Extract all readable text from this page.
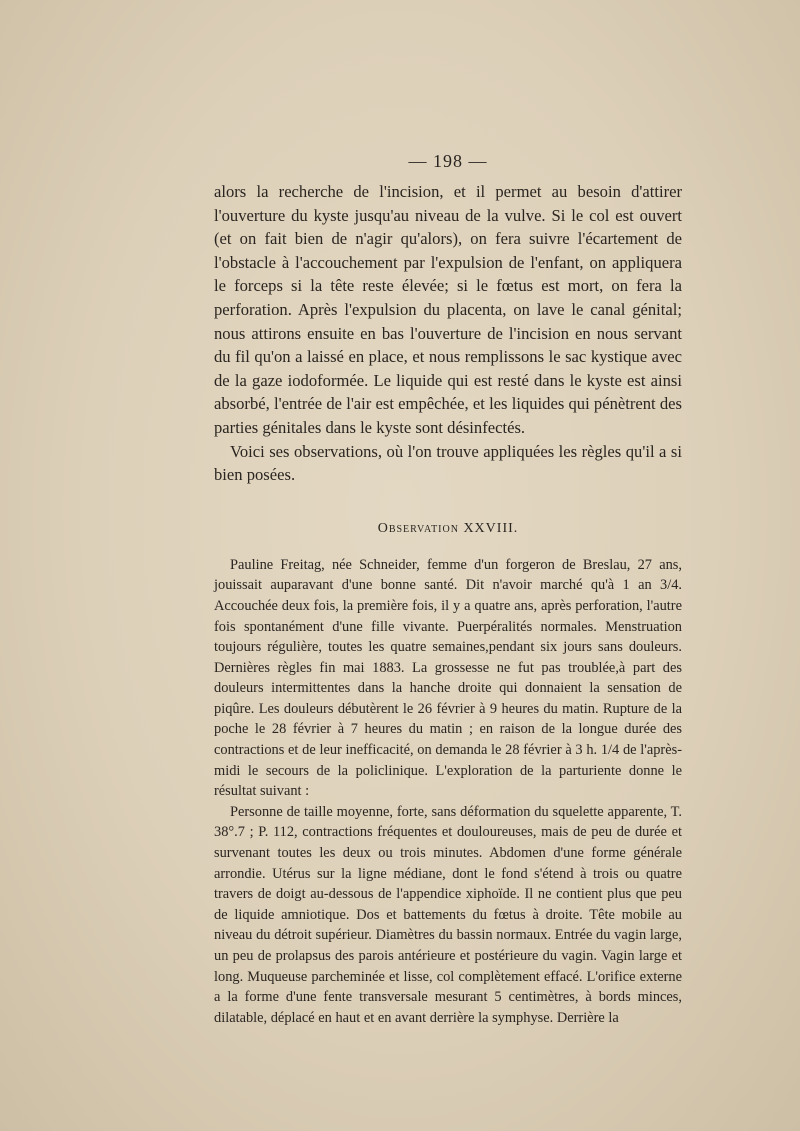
— 198 —

alors la recherche de l'incision, et il permet au besoin d'attirer l'ouverture du kyste jusqu'au niveau de la vulve. Si le col est ouvert (et on fait bien de n'agir qu'alors), on fera suivre l'écartement de l'obstacle à l'accouchement par l'expulsion de l'enfant, on appliquera le forceps si la tête reste élevée; si le fœtus est mort, on fera la perforation. Après l'expulsion du placenta, on lave le canal génital; nous attirons ensuite en bas l'ouverture de l'incision en nous servant du fil qu'on a laissé en place, et nous remplissons le sac kystique avec de la gaze iodoformée. Le liquide qui est resté dans le kyste est ainsi absorbé, l'entrée de l'air est empêchée, et les liquides qui pénètrent des parties génitales dans le kyste sont désinfectés.

Voici ses observations, où l'on trouve appliquées les règles qu'il a si bien posées.

Observation XXVIII.

Pauline Freitag, née Schneider, femme d'un forgeron de Breslau, 27 ans, jouissait auparavant d'une bonne santé. Dit n'avoir marché qu'à 1 an 3/4. Accouchée deux fois, la première fois, il y a quatre ans, après perforation, l'autre fois spontanément d'une fille vivante. Puerpéralités normales. Menstruation toujours régulière, toutes les quatre semaines,pendant six jours sans douleurs. Dernières règles fin mai 1883. La grossesse ne fut pas troublée,à part des douleurs intermittentes dans la hanche droite qui donnaient la sensation de piqûre. Les douleurs débutèrent le 26 février à 9 heures du matin. Rupture de la poche le 28 février à 7 heures du matin ; en raison de la longue durée des contractions et de leur inefficacité, on demanda le 28 février à 3 h. 1/4 de l'après-midi le secours de la policlinique. L'exploration de la parturiente donne le résultat suivant :

Personne de taille moyenne, forte, sans déformation du squelette apparente, T. 38°.7 ; P. 112, contractions fréquentes et douloureuses, mais de peu de durée et survenant toutes les deux ou trois minutes. Abdomen d'une forme générale arrondie. Utérus sur la ligne médiane, dont le fond s'étend à trois ou quatre travers de doigt au-dessous de l'appendice xiphoïde. Il ne contient plus que peu de liquide amniotique. Dos et battements du fœtus à droite. Tête mobile au niveau du détroit supérieur. Diamètres du bassin normaux. Entrée du vagin large, un peu de prolapsus des parois antérieure et postérieure du vagin. Vagin large et long. Muqueuse parcheminée et lisse, col complètement effacé. L'orifice externe a la forme d'une fente transversale mesurant 5 centimètres, à bords minces, dilatable, déplacé en haut et en avant derrière la symphyse. Derrière la
